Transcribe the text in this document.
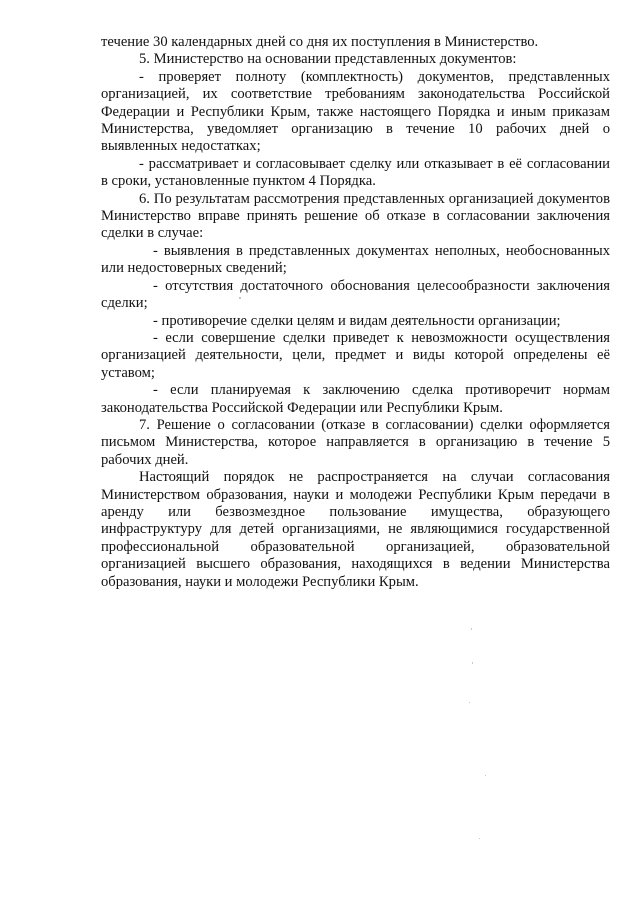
течение 30 календарных дней со дня их поступления в Министерство.

5. Министерство на основании представленных документов:

- проверяет полноту (комплектность) документов, представленных организацией, их соответствие требованиям законодательства Российской Федерации и Республики Крым, также настоящего Порядка и иным приказам Министерства, уведомляет организацию в течение 10 рабочих дней о выявленных недостатках;

- рассматривает и согласовывает сделку или отказывает в её согласовании в сроки, установленные пунктом 4 Порядка.

6. По результатам рассмотрения представленных организацией документов Министерство вправе принять решение об отказе в согласовании заключения сделки в случае:

- выявления в представленных документах неполных, необоснованных или недостоверных сведений;

- отсутствия достаточного обоснования целесообразности заключения сделки;

- противоречие сделки целям и видам деятельности организации;

- если совершение сделки приведет к невозможности осуществления организацией деятельности, цели, предмет и виды которой определены её уставом;

- если планируемая к заключению сделка противоречит нормам законодательства Российской Федерации или Республики Крым.

7. Решение о согласовании (отказе в согласовании) сделки оформляется письмом Министерства, которое направляется в организацию в течение 5 рабочих дней.

Настоящий порядок не распространяется на случаи согласования Министерством образования, науки и молодежи Республики Крым передачи в аренду или безвозмездное пользование имущества, образующего инфраструктуру для детей организациями, не являющимися государственной профессиональной образовательной организацией, образовательной организацией высшего образования, находящихся в ведении Министерства образования, науки и молодежи Республики Крым.
